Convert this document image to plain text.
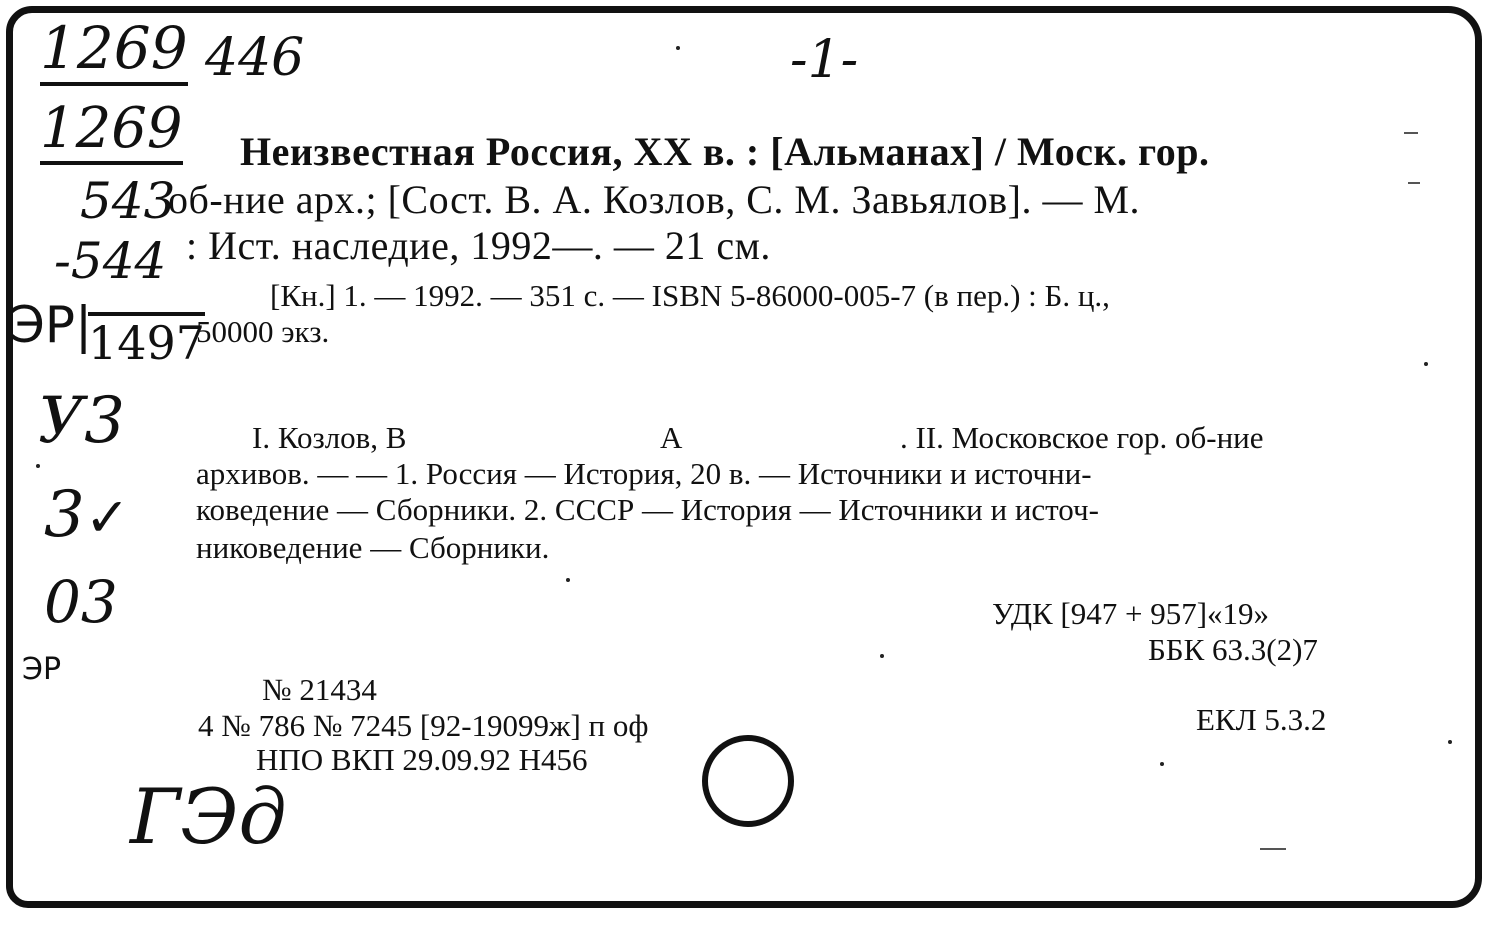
1269 446	-1-
1269
543
-544
ЭР|
1497
У3
3✓
03
ЭР
ГЭд
Неизвестная Россия, XX в. : [Альманах] / Моск. гор.
об-ние арх.; [Сост. В. А. Козлов, С. М. Завьялов]. — М.
: Ист. наследие, 1992—. — 21 см.
[Кн.] 1. — 1992. — 351 с. — ISBN 5-86000-005-7 (в пер.) : Б. ц.,
50000 экз.
I. Козлов, В	А	. II. Московское гор. об-ние
архивов. — — 1. Россия — История, 20 в. — Источники и источни-
коведение — Сборники. 2. СССР — История — Источники и источ-
никоведение — Сборники.
УДК [947 + 957]«19»
ББК 63.3(2)7
ЕКЛ 5.3.2
№ 21434
4 № 786 № 7245 [92-19099ж] п оф
НПО ВКП 29.09.92 Н456
